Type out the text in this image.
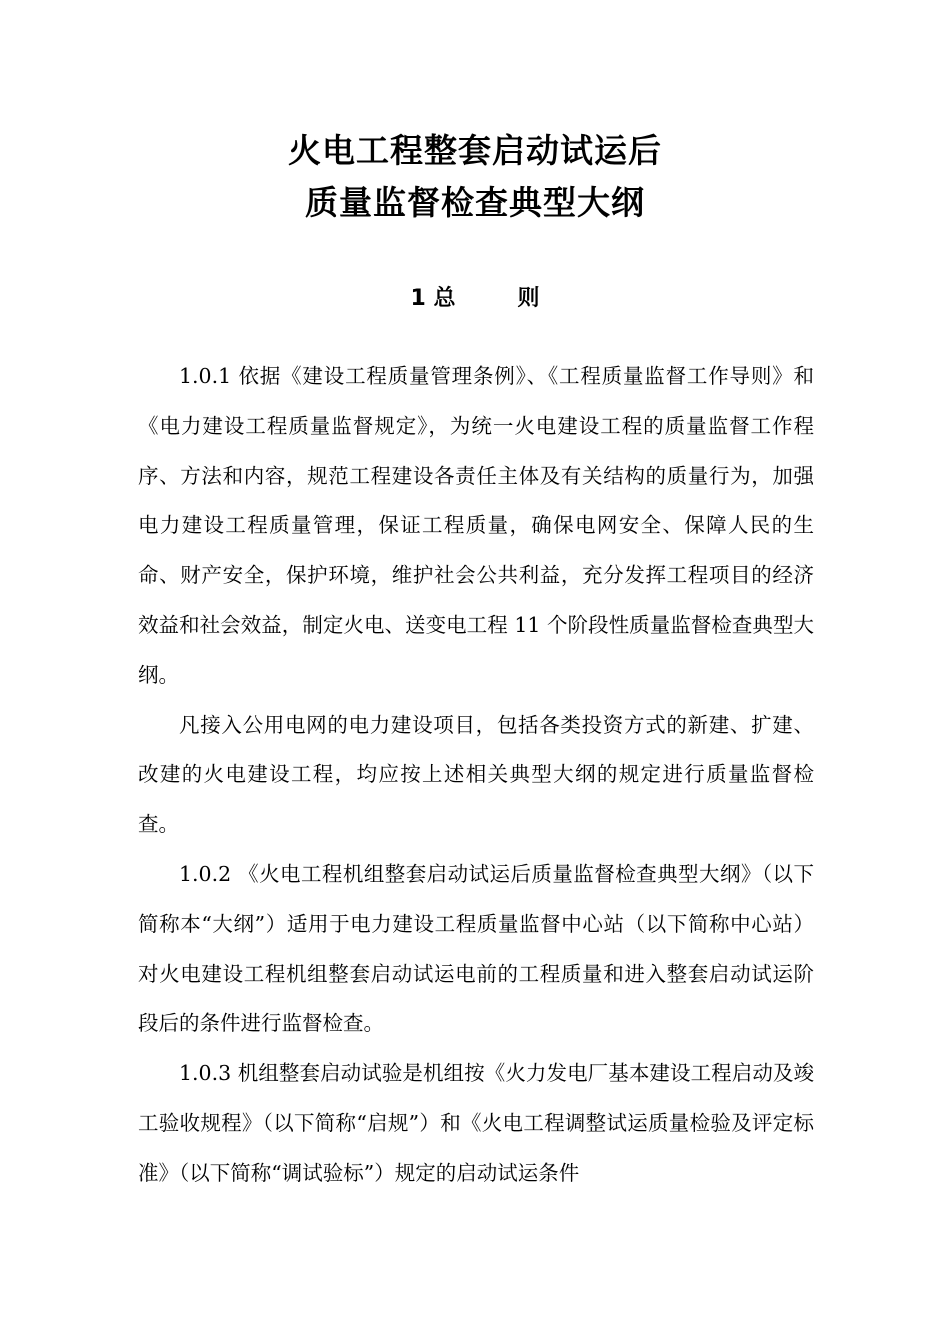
火电工程整套启动试运后
质量监督检查典型大纲
1 总	则

1.0.1 依据《建设工程质量管理条例》、《工程质量监督工作导则》和《电力建设工程质量监督规定》，为统一火电建设工程的质量监督工作程序、方法和内容，规范工程建设各责任主体及有关结构的质量行为，加强电力建设工程质量管理，保证工程质量，确保电网安全、保障人民的生命、财产安全，保护环境，维护社会公共利益，充分发挥工程项目的经济效益和社会效益，制定火电、送变电工程 11 个阶段性质量监督检查典型大纲。

凡接入公用电网的电力建设项目，包括各类投资方式的新建、扩建、改建的火电建设工程，均应按上述相关典型大纲的规定进行质量监督检查。

1.0.2 《火电工程机组整套启动试运后质量监督检查典型大纲》（以下简称本“大纲”）适用于电力建设工程质量监督中心站（以下简称中心站）对火电建设工程机组整套启动试运电前的工程质量和进入整套启动试运阶段后的条件进行监督检查。

1.0.3 机组整套启动试验是机组按《火力发电厂基本建设工程启动及竣工验收规程》（以下简称“启规”）和《火电工程调整试运质量检验及评定标准》（以下简称“调试验标”）规定的启动试运条件
